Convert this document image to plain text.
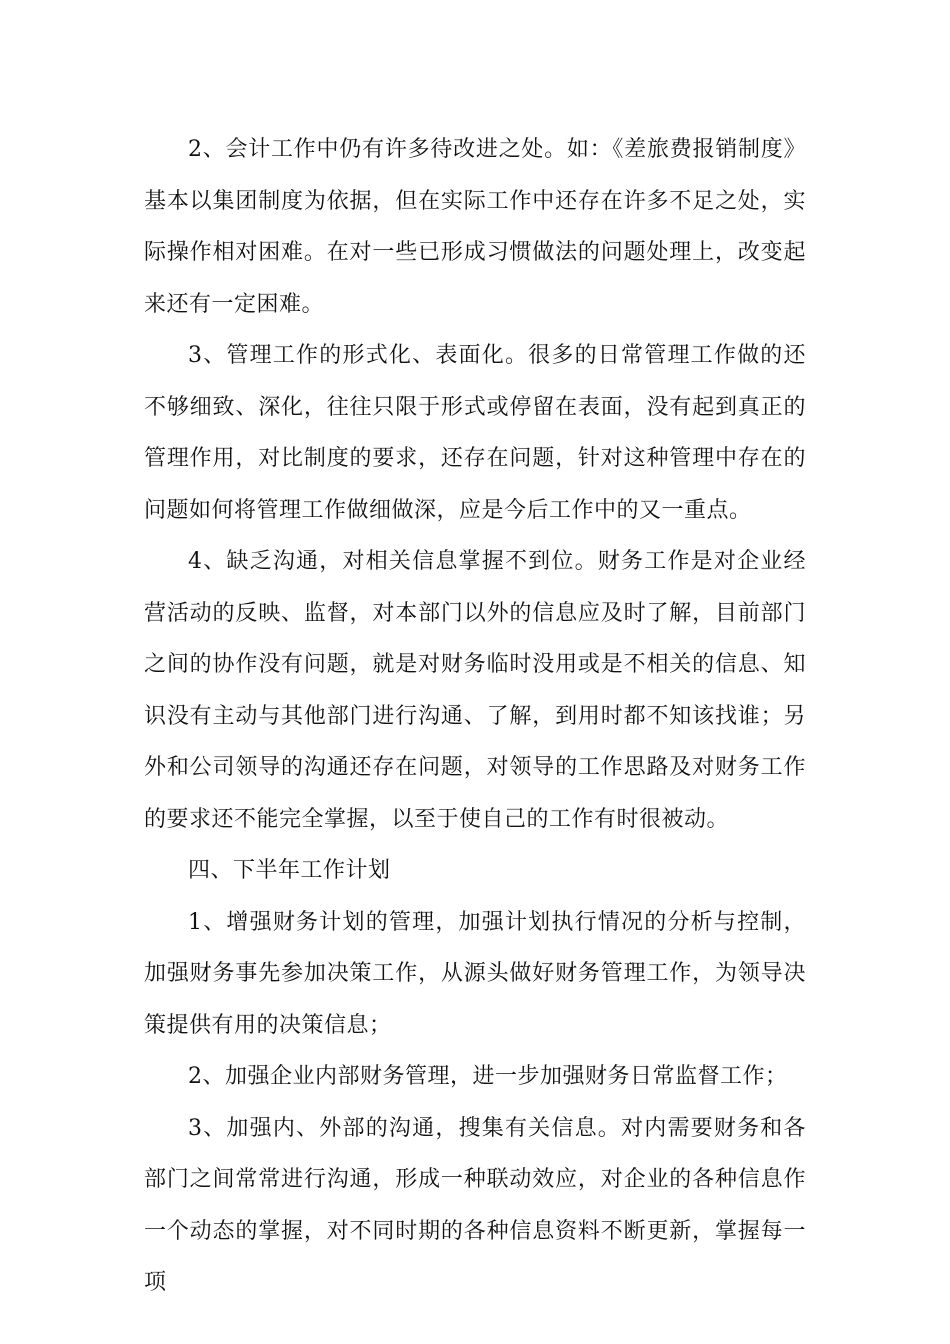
2、会计工作中仍有许多待改进之处。如：《差旅费报销制度》基本以集团制度为依据，但在实际工作中还存在许多不足之处，实际操作相对困难。在对一些已形成习惯做法的问题处理上，改变起来还有一定困难。

3、管理工作的形式化、表面化。很多的日常管理工作做的还不够细致、深化，往往只限于形式或停留在表面，没有起到真正的管理作用，对比制度的要求，还存在问题，针对这种管理中存在的问题如何将管理工作做细做深，应是今后工作中的又一重点。

4、缺乏沟通，对相关信息掌握不到位。财务工作是对企业经营活动的反映、监督，对本部门以外的信息应及时了解，目前部门之间的协作没有问题，就是对财务临时没用或是不相关的信息、知识没有主动与其他部门进行沟通、了解，到用时都不知该找谁；另外和公司领导的沟通还存在问题，对领导的工作思路及对财务工作的要求还不能完全掌握，以至于使自己的工作有时很被动。

四、下半年工作计划

1、增强财务计划的管理，加强计划执行情况的分析与控制，加强财务事先参加决策工作，从源头做好财务管理工作，为领导决策提供有用的决策信息；

2、加强企业内部财务管理，进一步加强财务日常监督工作；

3、加强内、外部的沟通，搜集有关信息。对内需要财务和各部门之间常常进行沟通，形成一种联动效应，对企业的各种信息作一个动态的掌握，对不同时期的各种信息资料不断更新，掌握每一项
